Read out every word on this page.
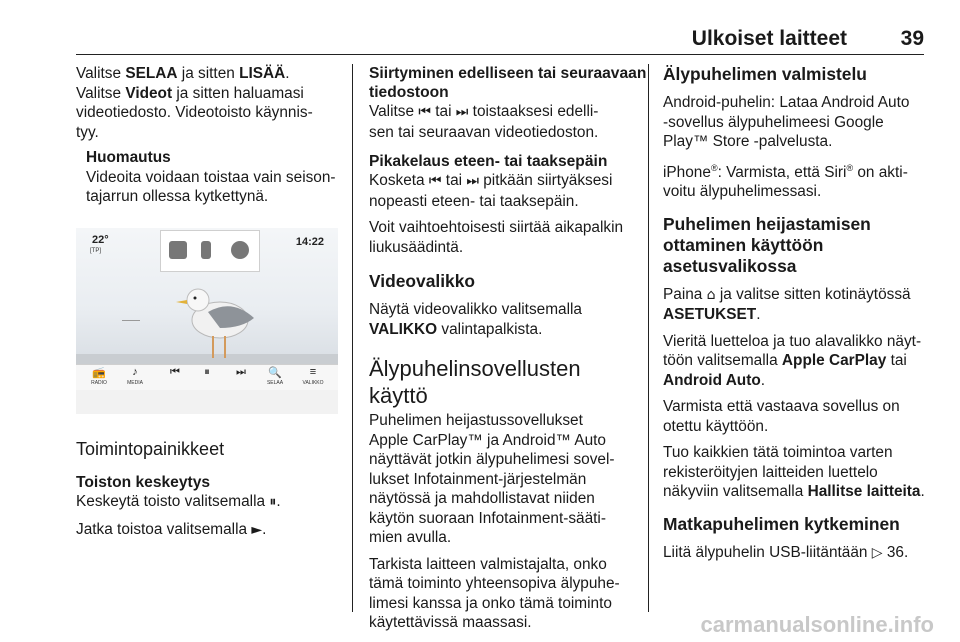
Ulkoiset laitteet	39

Valitse SELAA ja sitten LISÄÄ.

Valitse Videot ja sitten haluamasi
videotiedosto. Videotoisto käynnis-
tyy.

Huomautus
Videoita voidaan toistaa vain seison-
tajarrun ollessa kytkettynä.
22°
[TP]
14:22
📻
RADIO
♪
MEDIA
⏮	⏸	⏭	🔍
SELAA
≡
VALIKKO
Toimintopainikkeet
Toiston keskeytys

Keskeytä toisto valitsemalla ⏸.

Jatka toistoa valitsemalla ►.

Siirtyminen edelliseen tai seuraavaan
tiedostoon

Valitse ⏮ tai ⏭ toistaaksesi edelli-
sen tai seuraavan videotiedoston.

Pikakelaus eteen- tai taaksepäin

Kosketa ⏮ tai ⏭ pitkään siirtyäksesi
nopeasti eteen- tai taaksepäin.

Voit vaihtoehtoisesti siirtää aikapalkin
liukusäädintä.

Videovalikko

Näytä videovalikko valitsemalla
VALIKKO valintapalkista.

Älypuhelinsovellusten
käyttö

Puhelimen heijastussovellukset
Apple CarPlay™ ja Android™ Auto
näyttävät jotkin älypuhelimesi sovel-
lukset Infotainment-järjestelmän
näytössä ja mahdollistavat niiden
käytön suoraan Infotainment-sääti-
mien avulla.

Tarkista laitteen valmistajalta, onko
tämä toiminto yhteensopiva älypuhe-
limesi kanssa ja onko tämä toiminto
käytettävissä maassasi.

Älypuhelimen valmistelu

Android-puhelin: Lataa Android Auto
-sovellus älypuhelimeesi Google
Play™ Store -palvelusta.

iPhone®: Varmista, että Siri® on akti-
voitu älypuhelimessasi.

Puhelimen heijastamisen
ottaminen käyttöön
asetusvalikossa

Paina ⌂ ja valitse sitten kotinäytössä
ASETUKSET.

Vieritä luetteloa ja tuo alavalikko näyt-
töön valitsemalla Apple CarPlay tai
Android Auto.

Varmista että vastaava sovellus on
otettu käyttöön.

Tuo kaikkien tätä toimintoa varten
rekisteröityjen laitteiden luettelo
näkyviin valitsemalla Hallitse laitteita.

Matkapuhelimen kytkeminen

Liitä älypuhelin USB-liitäntään ▷ 36.

carmanualsonline.info
